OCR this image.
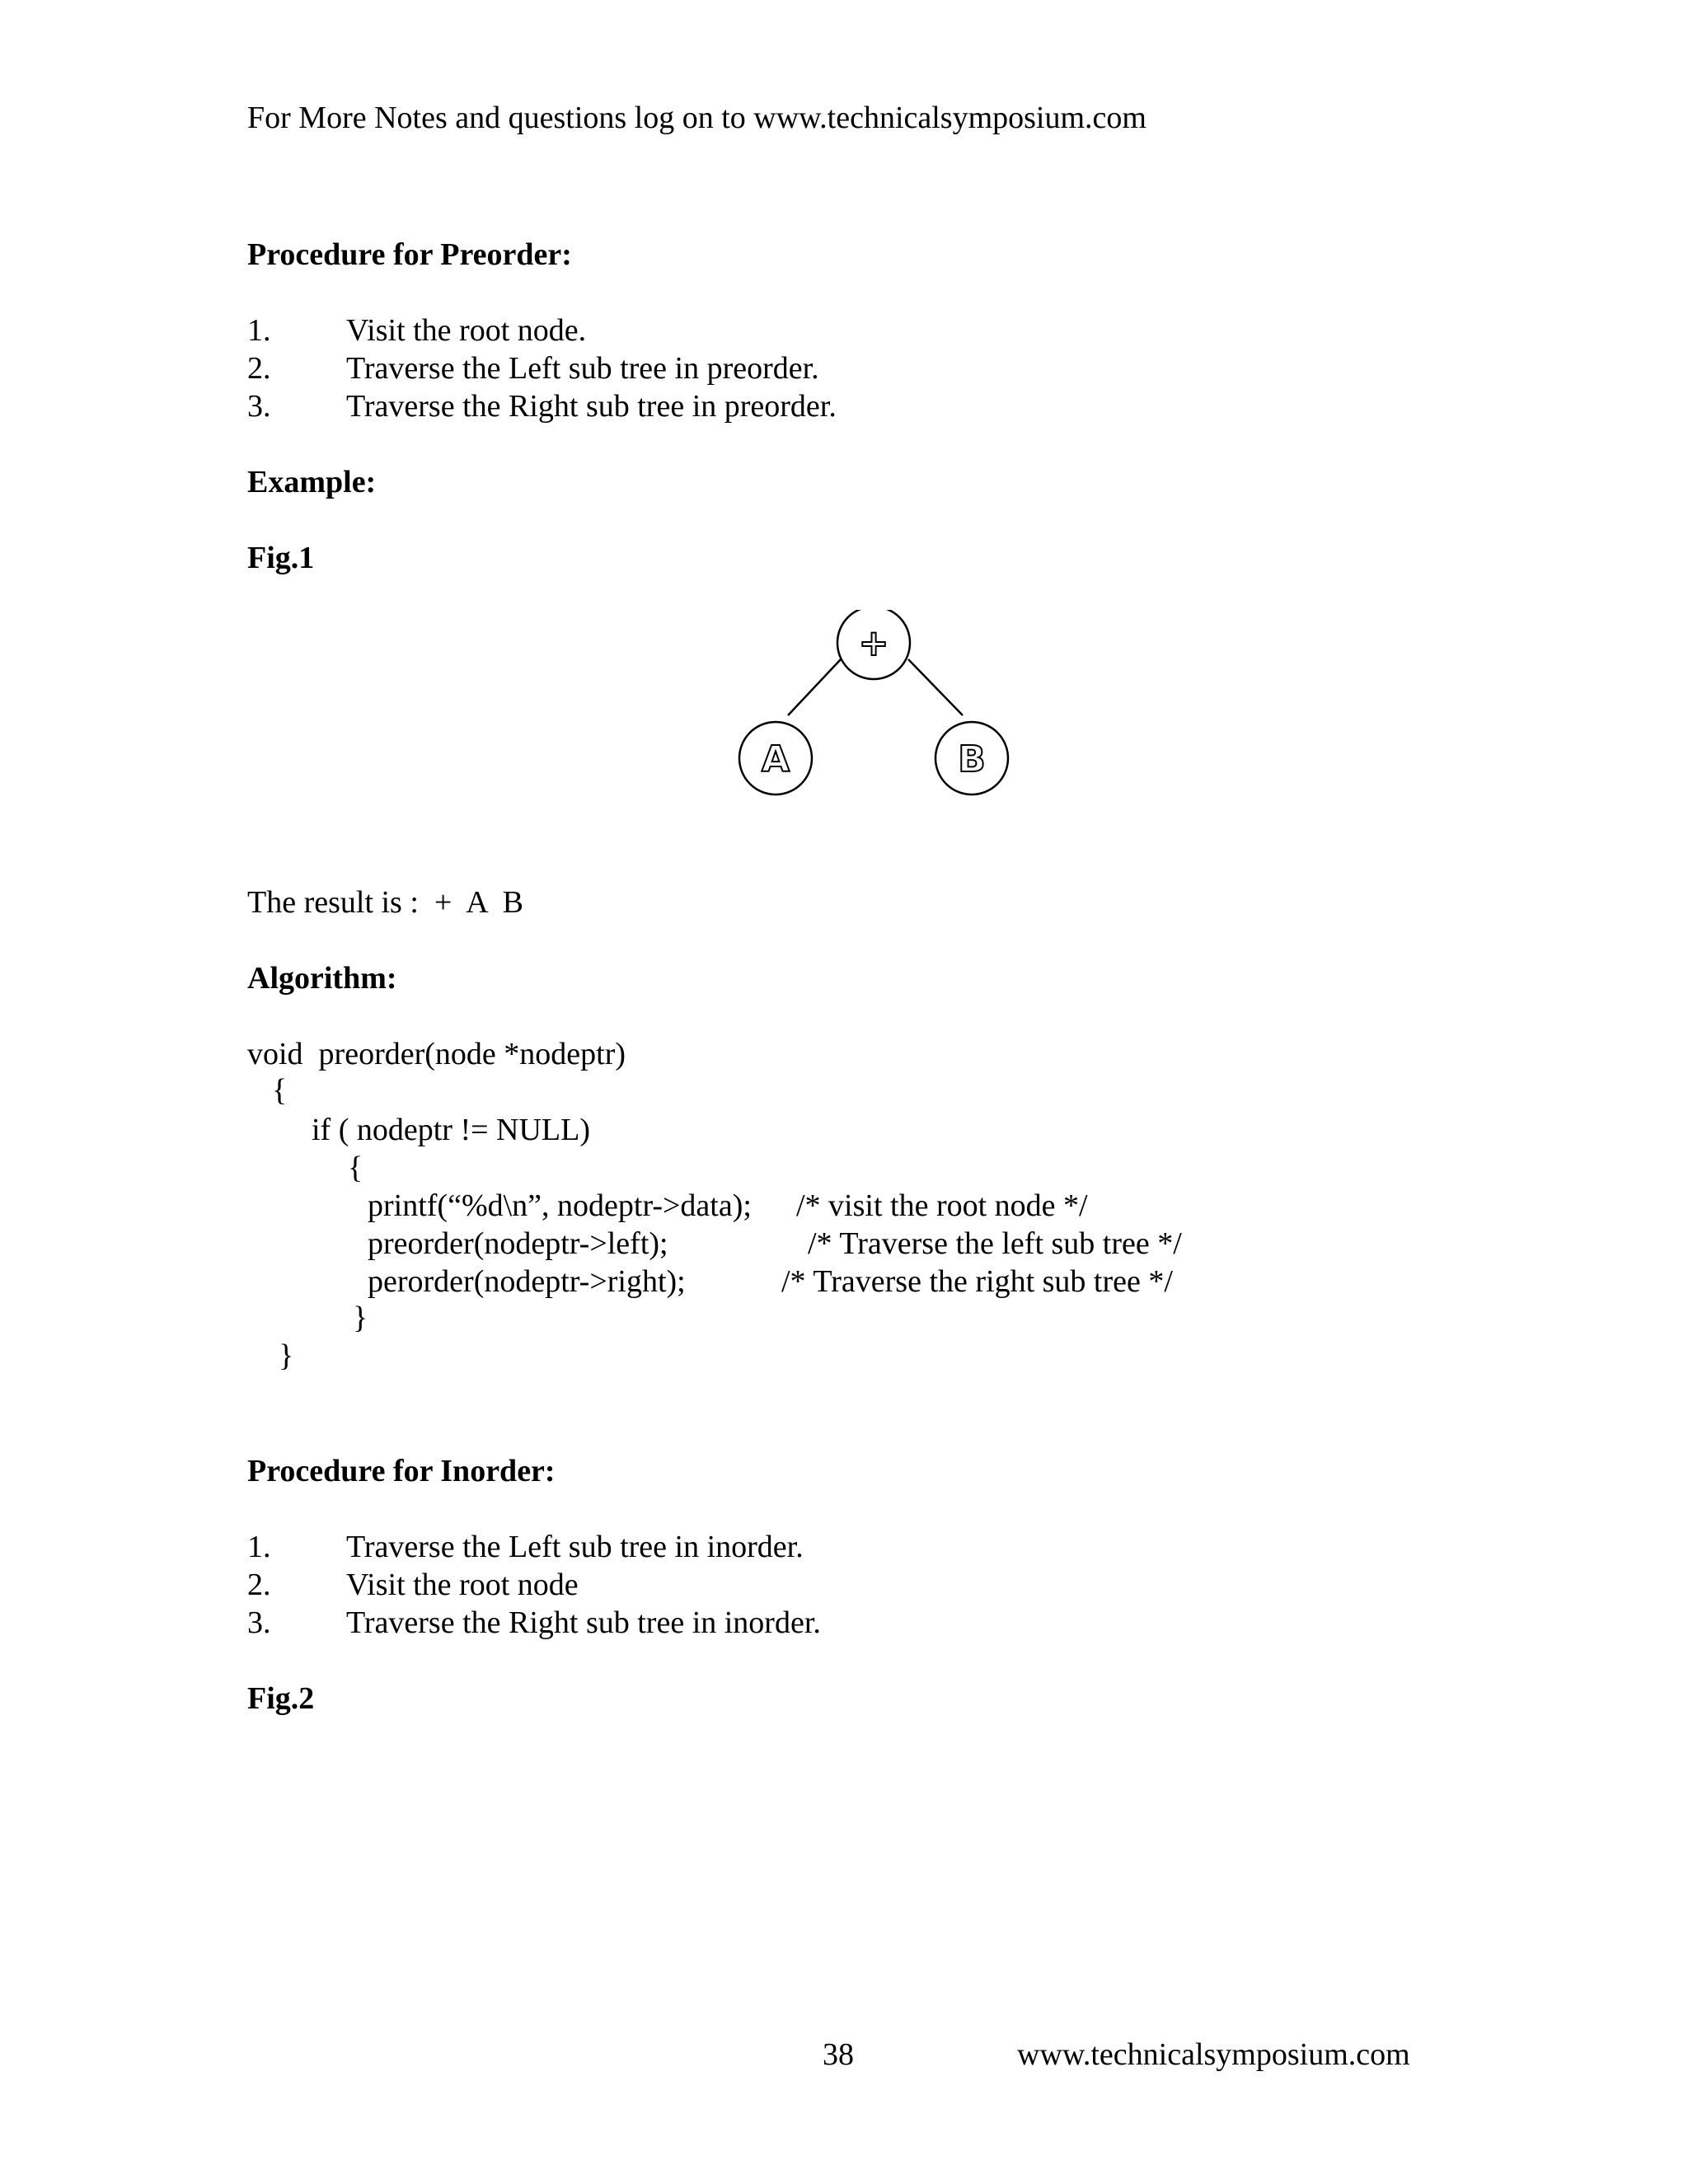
For More Notes and questions log on to www.technicalsymposium.com
Procedure for Preorder:
1. Visit the root node.
2. Traverse the Left sub tree in preorder.
3. Traverse the Right sub tree in preorder.
Example:
Fig.1
+
A	B
The result is :  +  A  B
Algorithm:
void  preorder(node *nodeptr)
{
if ( nodeptr != NULL)
{
printf(“%d\n”, nodeptr->data); /* visit the root node */
preorder(nodeptr->left);	/* Traverse the left sub tree */
perorder(nodeptr->right);	/* Traverse the right sub tree */
}
}
Procedure for Inorder:
1. Traverse the Left sub tree in inorder.
2. Visit the root node
3. Traverse the Right sub tree in inorder.
Fig.2
38	www.technicalsymposium.com
